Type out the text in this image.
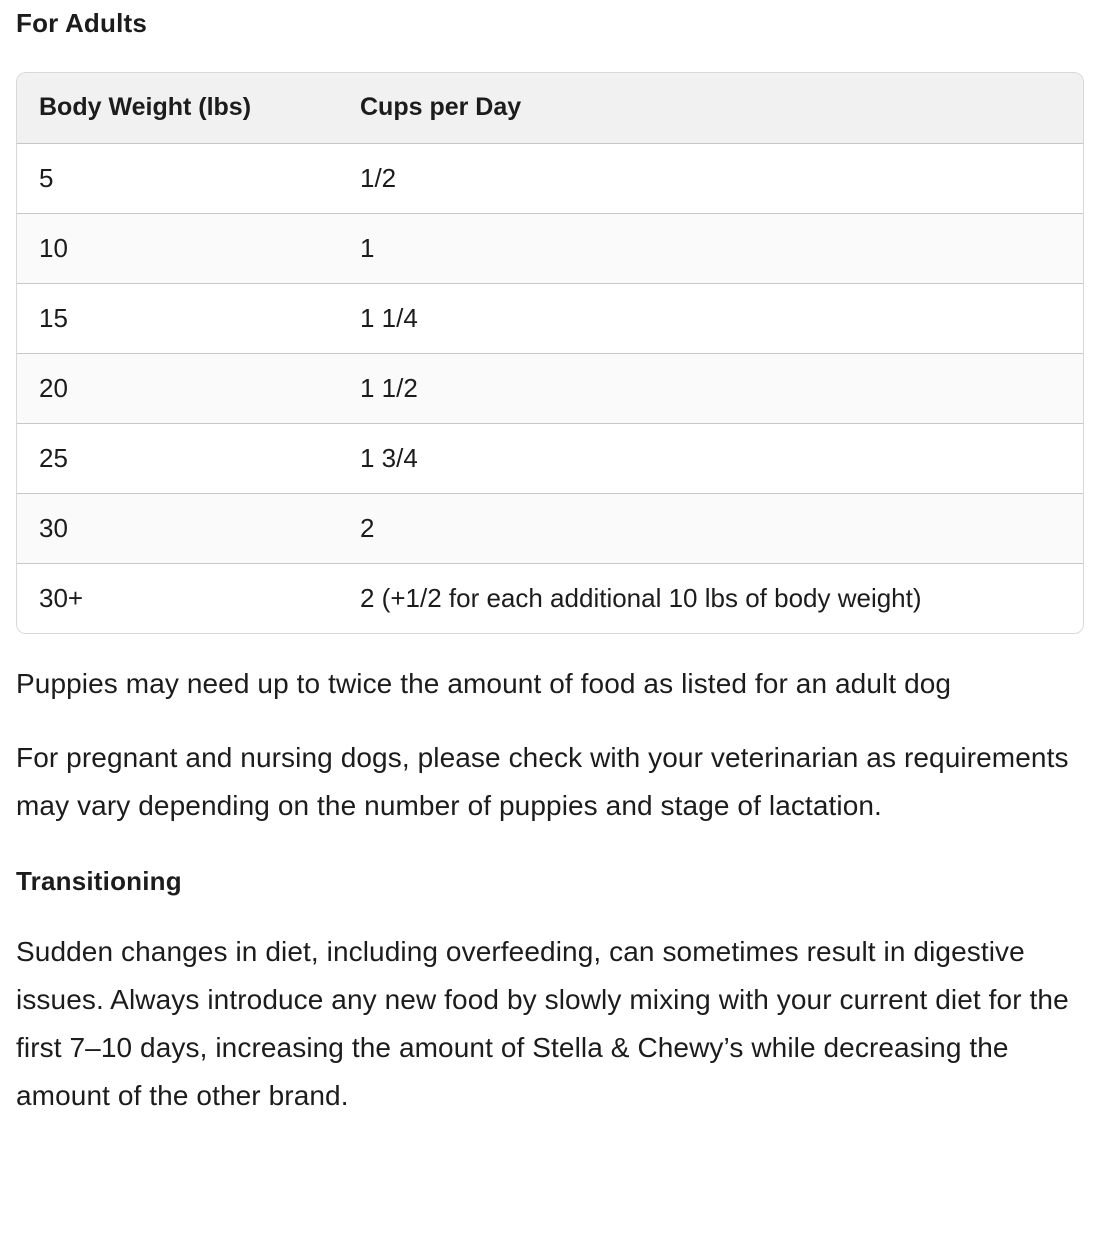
For Adults
Body Weight (lbs)	Cups per Day
5	1/2
10	1
15	1 1/4
20	1 1/2
25	1 3/4
30	2
30+	2 (+1/2 for each additional 10 lbs of body weight)

Puppies may need up to twice the amount of food as listed for an adult dog

For pregnant and nursing dogs, please check with your veterinarian as requirements may vary depending on the number of puppies and stage of lactation.

Transitioning

Sudden changes in diet, including overfeeding, can sometimes result in digestive issues. Always introduce any new food by slowly mixing with your current diet for the first 7–10 days, increasing the amount of Stella & Chewy’s while decreasing the amount of the other brand.
